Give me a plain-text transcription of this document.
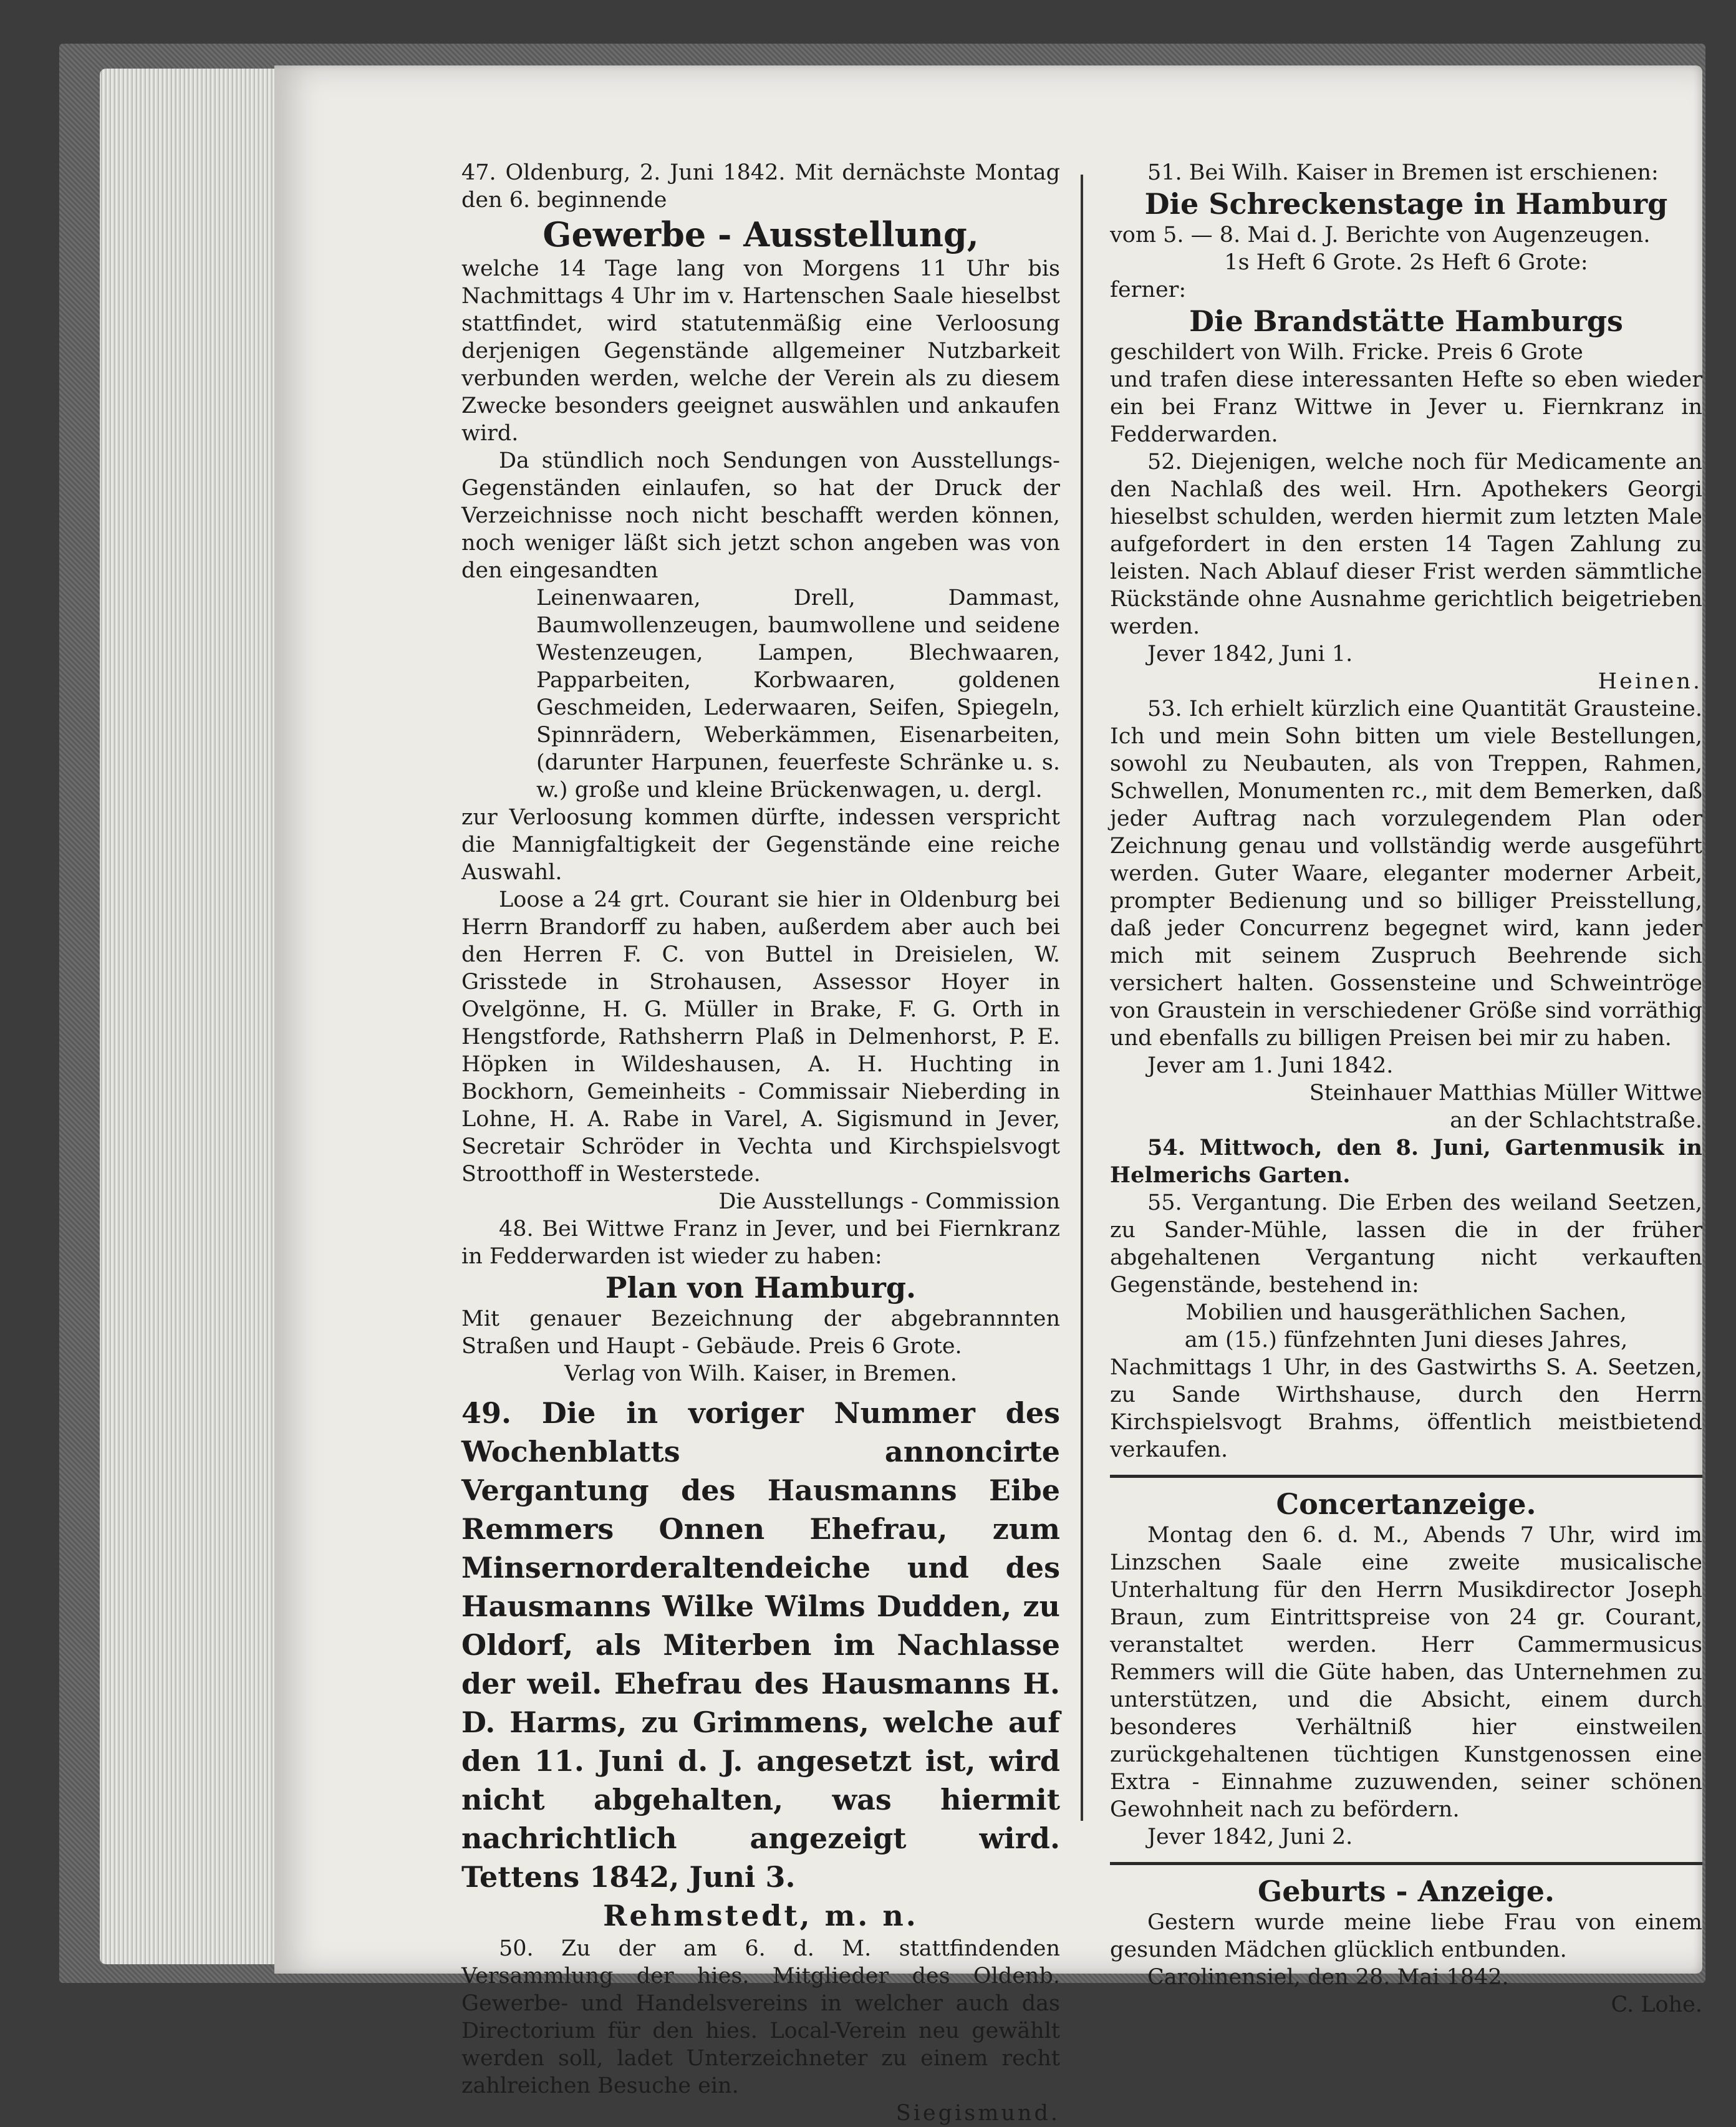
47. Oldenburg, 2. Juni 1842. Mit dernächste Montag den 6. beginnende

Gewerbe - Ausstellung,

welche 14 Tage lang von Morgens 11 Uhr bis Nachmittags 4 Uhr im v. Hartenschen Saale hieselbst stattfindet, wird statutenmäßig eine Verloosung derjenigen Gegenstände allgemeiner Nutzbarkeit verbunden werden, welche der Verein als zu diesem Zwecke besonders geeignet auswählen und ankaufen wird.

Da stündlich noch Sendungen von Ausstellungs-Gegenständen einlaufen, so hat der Druck der Verzeichnisse noch nicht beschafft werden können, noch weniger läßt sich jetzt schon angeben was von den eingesandten

Leinenwaaren, Drell, Dammast, Baumwollenzeugen, baumwollene und seidene Westenzeugen, Lampen, Blechwaaren, Papparbeiten, Korbwaaren, goldenen Geschmeiden, Lederwaaren, Seifen, Spiegeln, Spinnrädern, Weberkämmen, Eisenarbeiten, (darunter Harpunen, feuerfeste Schränke u. s. w.) große und kleine Brückenwagen, u. dergl.

zur Verloosung kommen dürfte, indessen verspricht die Mannigfaltigkeit der Gegenstände eine reiche Auswahl.

Loose a 24 grt. Courant sie hier in Oldenburg bei Herrn Brandorff zu haben, außerdem aber auch bei den Herren F. C. von Buttel in Dreisielen, W. Grisstede in Strohausen, Assessor Hoyer in Ovelgönne, H. G. Müller in Brake, F. G. Orth in Hengstforde, Rathsherrn Plaß in Delmenhorst, P. E. Höpken in Wildeshausen, A. H. Huchting in Bockhorn, Gemeinheits - Commissair Nieberding in Lohne, H. A. Rabe in Varel, A. Sigismund in Jever, Secretair Schröder in Vechta und Kirchspielsvogt Strootthoff in Westerstede.

Die Ausstellungs - Commission

48. Bei Wittwe Franz in Jever, und bei Fiernkranz in Fedderwarden ist wieder zu haben:

Plan von Hamburg.

Mit genauer Bezeichnung der abgebrannnten Straßen und Haupt - Gebäude. Preis 6 Grote.

Verlag von Wilh. Kaiser, in Bremen.

49. Die in voriger Nummer des Wochenblatts annoncirte Vergantung des Hausmanns Eibe Remmers Onnen Ehefrau, zum Minsernorderaltendeiche und des Hausmanns Wilke Wilms Dudden, zu Oldorf, als Miterben im Nachlasse der weil. Ehefrau des Hausmanns H. D. Harms, zu Grimmens, welche auf den 11. Juni d. J. angesetzt ist, wird nicht abgehalten, was hiermit nachrichtlich angezeigt wird. Tettens 1842, Juni 3.

Rehmstedt, m. n.

50. Zu der am 6. d. M. stattfindenden Versammlung der hies. Mitglieder des Oldenb. Gewerbe- und Handelsvereins in welcher auch das Directorium für den hies. Local-Verein neu gewählt werden soll, ladet Unterzeichneter zu einem recht zahlreichen Besuche ein.

Siegismund.

51. Bei Wilh. Kaiser in Bremen ist erschienen:

Die Schreckenstage in Hamburg

vom 5. — 8. Mai d. J. Berichte von Augenzeugen.

1s Heft 6 Grote. 2s Heft 6 Grote:

ferner:

Die Brandstätte Hamburgs

geschildert von Wilh. Fricke. Preis 6 Grote

und trafen diese interessanten Hefte so eben wieder ein bei Franz Wittwe in Jever u. Fiernkranz in Fedderwarden.

52. Diejenigen, welche noch für Medicamente an den Nachlaß des weil. Hrn. Apothekers Georgi hieselbst schulden, werden hiermit zum letzten Male aufgefordert in den ersten 14 Tagen Zahlung zu leisten. Nach Ablauf dieser Frist werden sämmtliche Rückstände ohne Ausnahme gerichtlich beigetrieben werden.

Jever 1842, Juni 1.

Heinen.

53. Ich erhielt kürzlich eine Quantität Grausteine. Ich und mein Sohn bitten um viele Bestellungen, sowohl zu Neubauten, als von Treppen, Rahmen, Schwellen, Monumenten rc., mit dem Bemerken, daß jeder Auftrag nach vorzulegendem Plan oder Zeichnung genau und vollständig werde ausgeführt werden. Guter Waare, eleganter moderner Arbeit, prompter Bedienung und so billiger Preisstellung, daß jeder Concurrenz begegnet wird, kann jeder mich mit seinem Zuspruch Beehrende sich versichert halten. Gossensteine und Schweintröge von Graustein in verschiedener Größe sind vorräthig und ebenfalls zu billigen Preisen bei mir zu haben.

Jever am 1. Juni 1842.

Steinhauer Matthias Müller Wittwe

an der Schlachtstraße.

54. Mittwoch, den 8. Juni, Gartenmusik in Helmerichs Garten.

55. Vergantung. Die Erben des weiland Seetzen, zu Sander-Mühle, lassen die in der früher abgehaltenen Vergantung nicht verkauften Gegenstände, bestehend in:

Mobilien und hausgeräthlichen Sachen,

am (15.) fünfzehnten Juni dieses Jahres,

Nachmittags 1 Uhr, in des Gastwirths S. A. Seetzen, zu Sande Wirthshause, durch den Herrn Kirchspielsvogt Brahms, öffentlich meistbietend verkaufen.

Concertanzeige.

Montag den 6. d. M., Abends 7 Uhr, wird im Linzschen Saale eine zweite musicalische Unterhaltung für den Herrn Musikdirector Joseph Braun, zum Eintrittspreise von 24 gr. Courant, veranstaltet werden. Herr Cammermusicus Remmers will die Güte haben, das Unternehmen zu unterstützen, und die Absicht, einem durch besonderes Verhältniß hier einstweilen zurückgehaltenen tüchtigen Kunstgenossen eine Extra - Einnahme zuzuwenden, seiner schönen Gewohnheit nach zu befördern.

Jever 1842, Juni 2.

Geburts - Anzeige.

Gestern wurde meine liebe Frau von einem gesunden Mädchen glücklich entbunden.

Carolinensiel, den 28. Mai 1842.

C. Lohe.
